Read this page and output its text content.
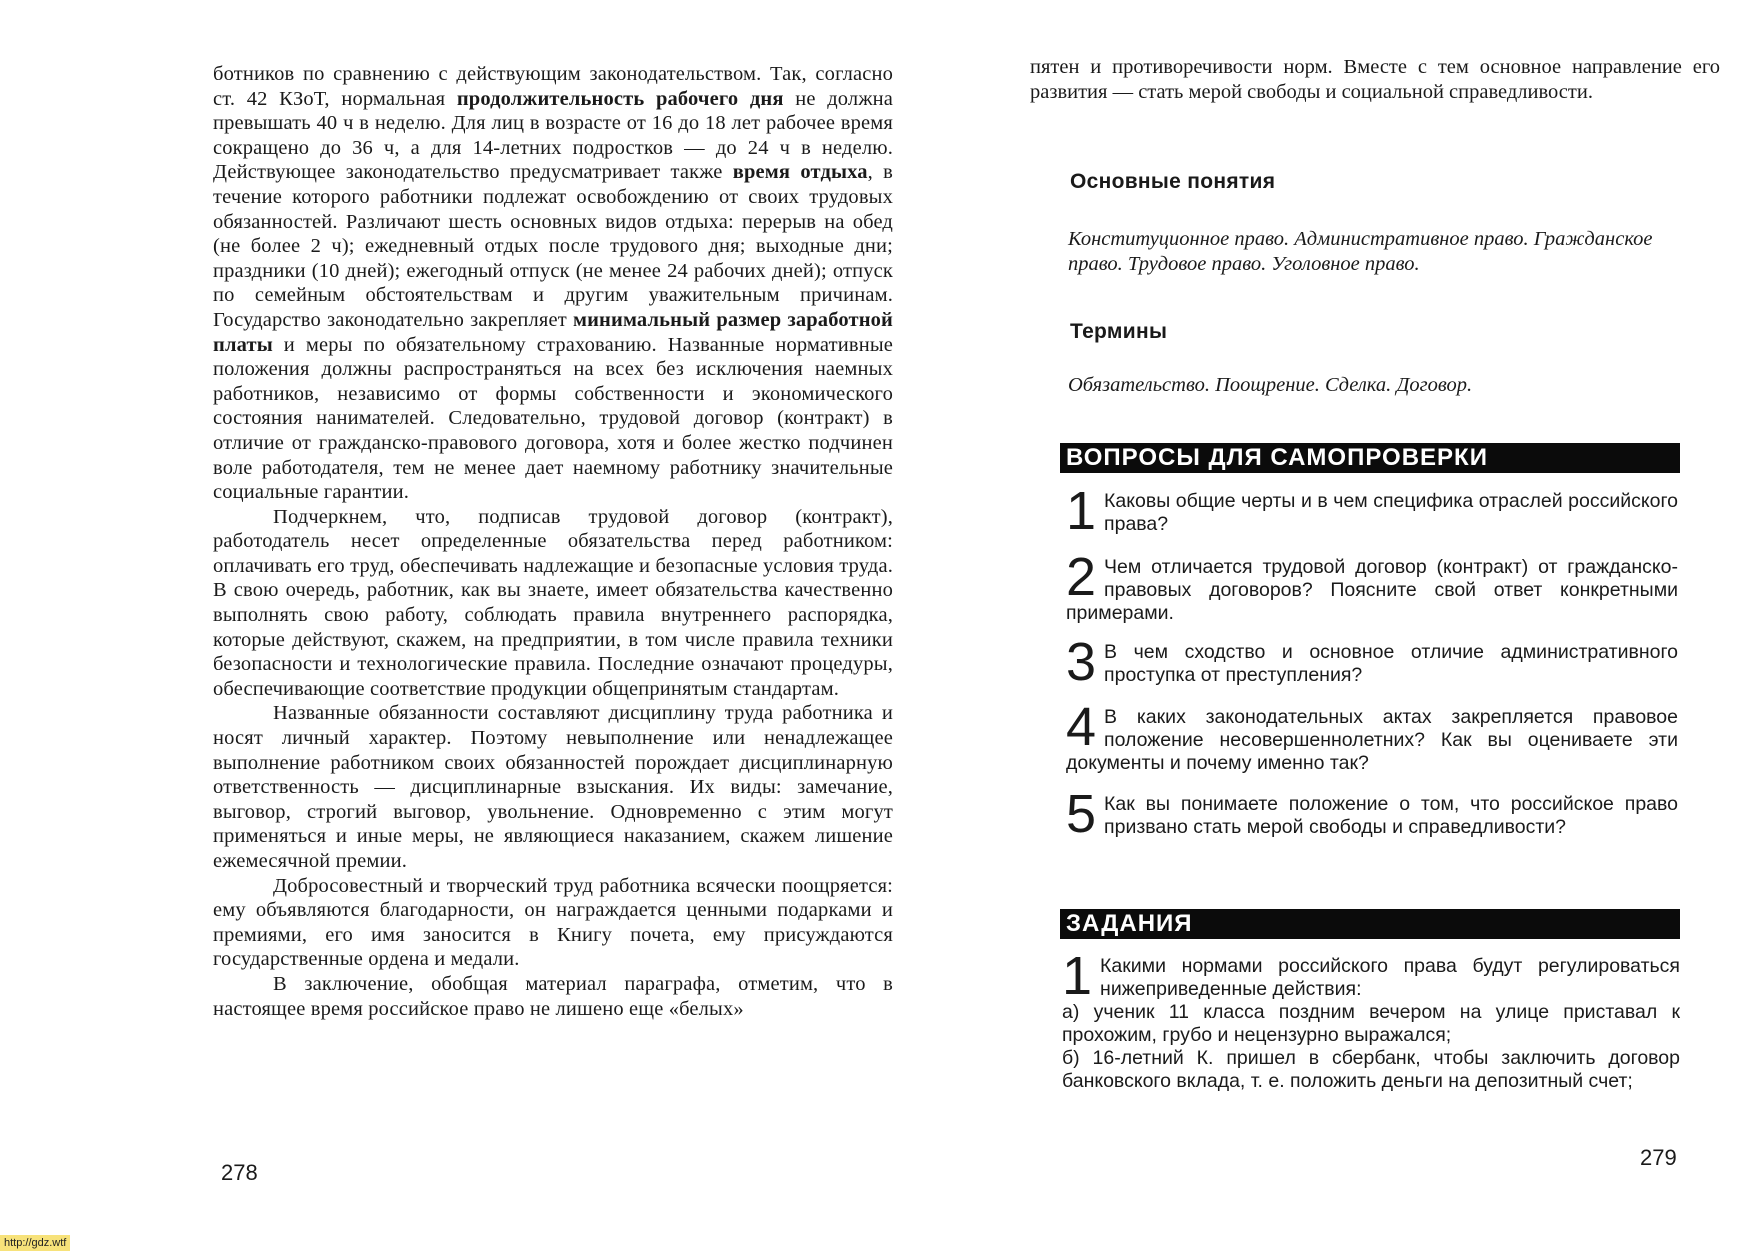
ботников по сравнению с действующим законодательством. Так, согласно ст. 42 КЗоТ, нормальная продолжительность рабочего дня не должна превышать 40 ч в неделю. Для лиц в возрасте от 16 до 18 лет рабочее время сокращено до 36 ч, а для 14-летних подростков — до 24 ч в неделю. Действующее законодательство предусматривает также время отдыха, в течение которого работники подлежат освобождению от своих трудовых обязанностей. Различают шесть основных видов отдыха: перерыв на обед (не более 2 ч); ежедневный отдых после трудового дня; выходные дни; праздники (10 дней); ежегодный отпуск (не менее 24 рабочих дней); отпуск по семейным обстоятельствам и другим уважительным причинам. Государство законодательно закрепляет минимальный размер заработной платы и меры по обязательному страхованию. Названные нормативные положения должны распространяться на всех без исключения наемных работников, независимо от формы собственности и экономического состояния нанимателей. Следовательно, трудовой договор (контракт) в отличие от гражданско-правового договора, хотя и более жестко подчинен воле работодателя, тем не менее дает наемному работнику значительные социальные гарантии.

Подчеркнем, что, подписав трудовой договор (контракт), работодатель несет определенные обязательства перед работником: оплачивать его труд, обеспечивать надлежащие и безопасные условия труда. В свою очередь, работник, как вы знаете, имеет обязательства качественно выполнять свою работу, соблюдать правила внутреннего распорядка, которые действуют, скажем, на предприятии, в том числе правила техники безопасности и технологические правила. Последние означают процедуры, обеспечивающие соответствие продукции общепринятым стандартам.

Названные обязанности составляют дисциплину труда работника и носят личный характер. Поэтому невыполнение или ненадлежащее выполнение работником своих обязанностей порождает дисциплинарную ответственность — дисциплинарные взыскания. Их виды: замечание, выговор, строгий выговор, увольнение. Одновременно с этим могут применяться и иные меры, не являющиеся наказанием, скажем лишение ежемесячной премии.

Добросовестный и творческий труд работника всячески поощряется: ему объявляются благодарности, он награждается ценными подарками и премиями, его имя заносится в Книгу почета, ему присуждаются государственные ордена и медали.

В заключение, обобщая материал параграфа, отметим, что в настоящее время российское право не лишено еще «белых»

278

пятен и противоречивости норм. Вместе с тем основное направление его развития — стать мерой свободы и социальной справедливости.

Основные понятия

Конституционное право. Административное право. Гражданское право. Трудовое право. Уголовное право.

Термины

Обязательство. Поощрение. Сделка. Договор.

ВОПРОСЫ ДЛЯ САМОПРОВЕРКИ
1 Каковы общие черты и в чем специфика отраслей российского права?
2 Чем отличается трудовой договор (контракт) от гражданско-правовых договоров? Поясните свой ответ конкретными примерами.
3 В чем сходство и основное отличие административного проступка от преступления?
4 В каких законодательных актах закрепляется правовое положение несовершеннолетних? Как вы оцениваете эти документы и почему именно так?
5 Как вы понимаете положение о том, что российское право призвано стать мерой свободы и справедливости?
ЗАДАНИЯ
1 Какими нормами российского права будут регулироваться нижеприведенные действия:

а) ученик 11 класса поздним вечером на улице приставал к прохожим, грубо и нецензурно выражался;

б) 16-летний К. пришел в сбербанк, чтобы заключить договор банковского вклада, т. е. положить деньги на депозитный счет;

279
http://gdz.wtf
